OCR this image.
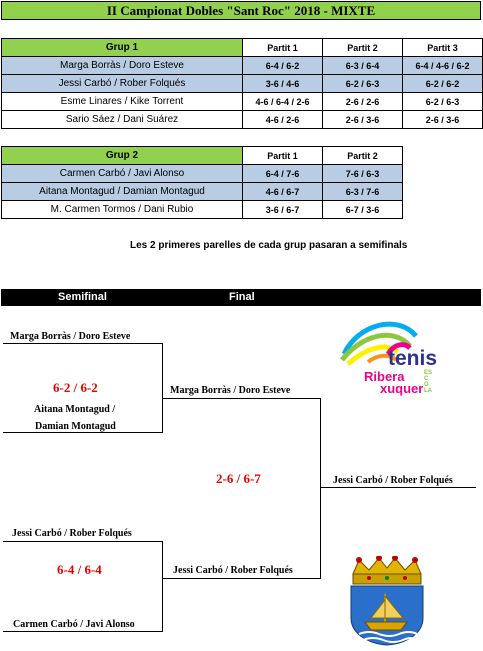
II Campionat Dobles "Sant Roc" 2018 - MIXTE
Grup 1	Partit 1	Partit 2	Partit 3
Marga Borràs / Doro Esteve	6-4 / 6-2	6-3 / 6-4	6-4 / 4-6 / 6-2
Jessi Carbó / Rober Folqués	3-6 / 4-6	6-2 / 6-3	6-2 / 6-2
Esme Linares / Kike Torrent	4-6 / 6-4 / 2-6	2-6 / 2-6	6-2 / 6-3
Sario Sáez / Dani Suárez	4-6 / 2-6	2-6 / 3-6	2-6 / 3-6
Grup 2	Partit 1	Partit 2
Carmen Carbó / Javi Alonso	6-4 / 7-6	7-6 / 6-3
Aitana Montagud / Damian Montagud	4-6 / 6-7	6-3 / 7-6
M. Carmen Tormos / Dani Rubio	3-6 / 6-7	6-7 / 3-6
Les 2 primeres parelles de cada grup pasaran a semifinals
Semifinal	Final
Marga Borràs / Doro Esteve
6-2 / 6-2
Aitana Montagud /
Damian Montagud
Jessi Carbó / Rober Folqués
6-4 / 6-4
Carmen Carbó / Javi Alonso
Marga Borràs / Doro Esteve
2-6 / 6-7
Jessi Carbó / Rober Folqués
Jessi Carbó / Rober Folqués
tenis
Ribera
xuquer
ESCOLA
